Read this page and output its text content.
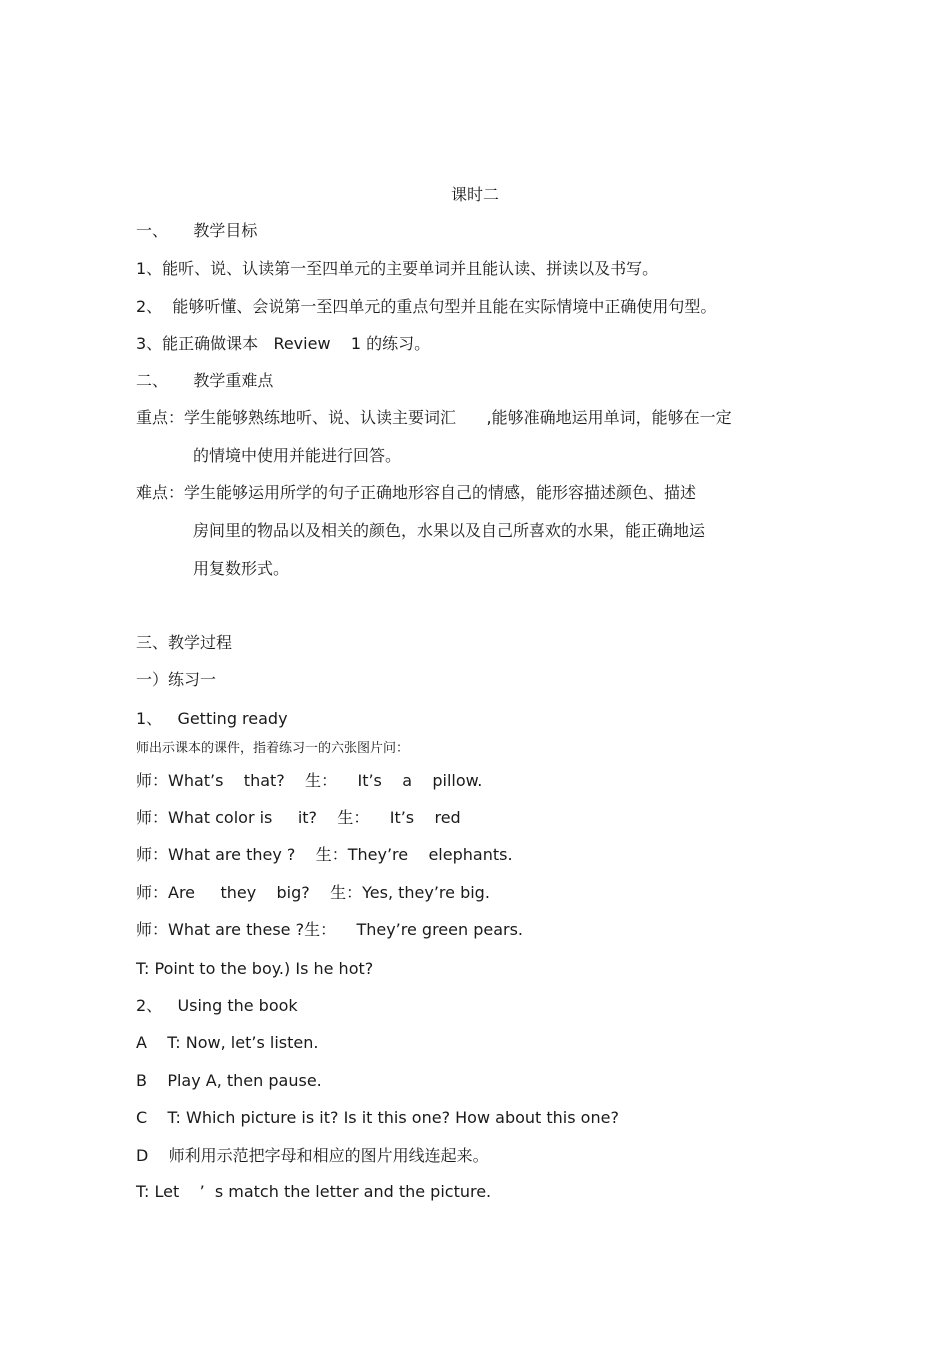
课时二
一、     教学目标
1、能听、说、认读第一至四单元的主要单词并且能认读、拼读以及书写。
2、  能够听懂、会说第一至四单元的重点句型并且能在实际情境中正确使用句型。
3、能正确做课本   Review    1 的练习。
二、     教学重难点
重点：学生能够熟练地听、说、认读主要词汇      ,能够准确地运用单词，能够在一定
的情境中使用并能进行回答。
难点：学生能够运用所学的句子正确地形容自己的情感，能形容描述颜色、描述
房间里的物品以及相关的颜色，水果以及自己所喜欢的水果，能正确地运
用复数形式。
三、教学过程
一）练习一
1、   Getting ready
师出示课本的课件，指着练习一的六张图片问：
师：What’s    that?    生：    It’s    a    pillow.
师：What color is     it?    生：    It’s    red
师：What are they ?    生：They’re    elephants.
师：Are     they    big?    生：Yes, they’re big.
师：What are these ?生：    They’re green pears.
T: Point to the boy.) Is he hot?
2、   Using the book
A    T: Now, let’s listen.
B    Play A, then pause.
C    T: Which picture is it? Is it this one? How about this one?
D    师利用示范把字母和相应的图片用线连起来。
T: Let    ’  s match the letter and the picture.
